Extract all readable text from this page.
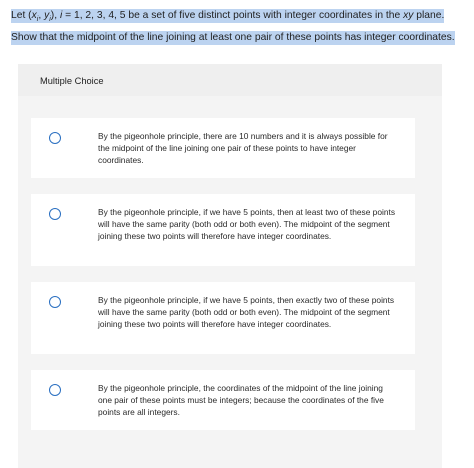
Let ($x_i$, $y_i$), i = 1, 2, 3, 4, 5 be a set of five distinct points with integer coordinates in the xy plane.
Show that the midpoint of the line joining at least one pair of these points has integer coordinates.
Multiple Choice
By the pigeonhole principle, there are 10 numbers and it is always possible for the midpoint of the line joining one pair of these points to have integer coordinates.
By the pigeonhole principle, if we have 5 points, then at least two of these points will have the same parity (both odd or both even). The midpoint of the segment joining these two points will therefore have integer coordinates.
By the pigeonhole principle, if we have 5 points, then exactly two of these points will have the same parity (both odd or both even). The midpoint of the segment joining these two points will therefore have integer coordinates.
By the pigeonhole principle, the coordinates of the midpoint of the line joining one pair of these points must be integers; because the coordinates of the five points are all integers.
